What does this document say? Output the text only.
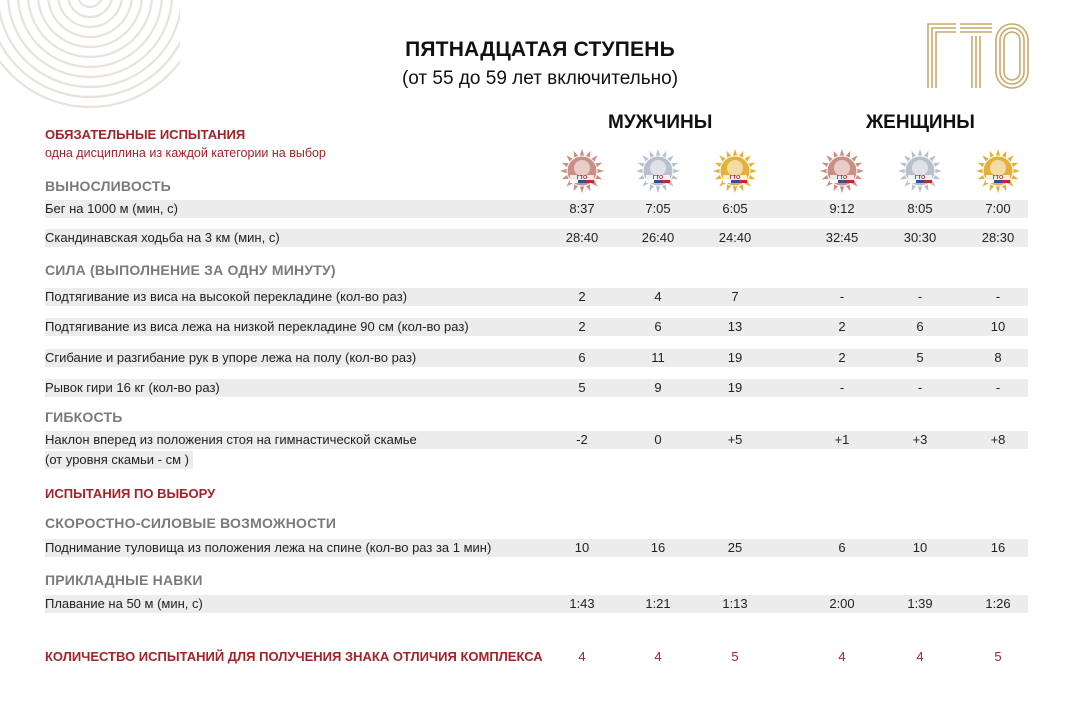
ПЯТНАДЦАТАЯ СТУПЕНЬ
(от 55 до 59 лет включительно)
МУЖЧИНЫ	ЖЕНЩИНЫ
ГТО	ГТО	ГТО	ГТО	ГТО	ГТО
ОБЯЗАТЕЛЬНЫЕ ИСПЫТАНИЯ
одна дисциплина из каждой категории на выбор
ВЫНОСЛИВОСТЬ
Бег на 1000 м (мин, с)	8:37	7:05	6:05	9:12	8:05	7:00
Скандинавская ходьба на 3 км (мин, с)	28:40	26:40	24:40	32:45	30:30	28:30
СИЛА (ВЫПОЛНЕНИЕ ЗА ОДНУ МИНУТУ)
Подтягивание из виса на высокой перекладине (кол-во раз)	2	4	7	-	-	-
Подтягивание из виса лежа на низкой перекладине 90 см (кол-во раз)	2	6	13	2	6	10
Сгибание и разгибание рук в упоре лежа на полу (кол-во раз)	6	11	19	2	5	8
Рывок гири 16 кг (кол-во раз)	5	9	19	-	-	-
ГИБКОСТЬ
Наклон вперед из положения стоя на гимнастической скамье	-2	0	+5	+1	+3	+8
(от уровня скамьи - см )
ИСПЫТАНИЯ ПО ВЫБОРУ
СКОРОСТНО-СИЛОВЫЕ ВОЗМОЖНОСТИ
Поднимание туловища из положения лежа на спине (кол-во раз за 1 мин)	10	16	25	6	10	16
ПРИКЛАДНЫЕ НАВКИ
Плавание на 50 м (мин, с)	1:43	1:21	1:13	2:00	1:39	1:26
КОЛИЧЕСТВО ИСПЫТАНИЙ ДЛЯ ПОЛУЧЕНИЯ ЗНАКА ОТЛИЧИЯ КОМПЛЕКСА	4	4	5	4	4	5
